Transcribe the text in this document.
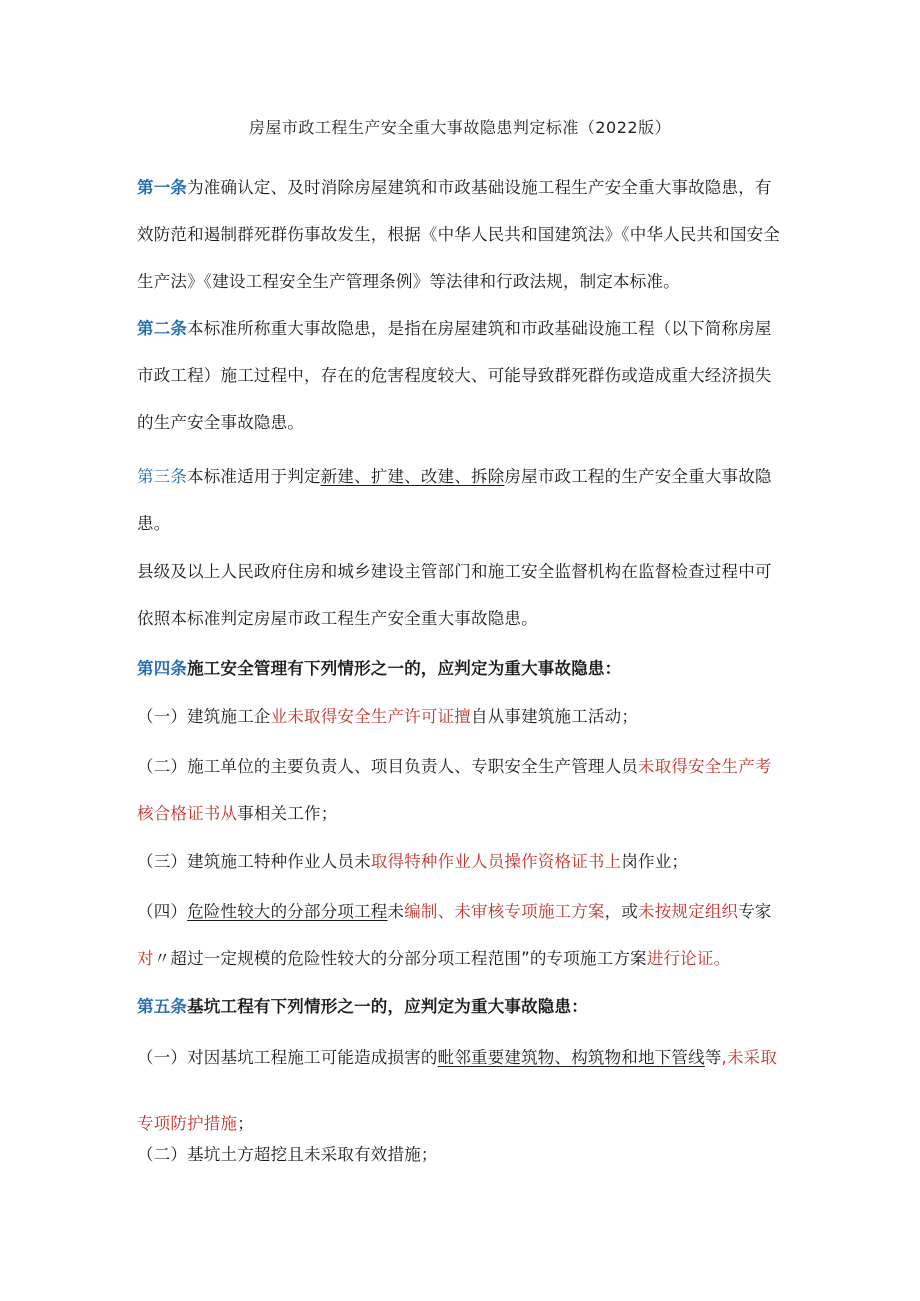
房屋市政工程生产安全重大事故隐患判定标准（2022版）

第一条为准确认定、及时消除房屋建筑和市政基础设施工程生产安全重大事故隐患，有效防范和遏制群死群伤事故发生，根据《中华人民共和国建筑法》《中华人民共和国安全生产法》《建设工程安全生产管理条例》等法律和行政法规，制定本标准。

第二条本标准所称重大事故隐患，是指在房屋建筑和市政基础设施工程（以下简称房屋市政工程）施工过程中，存在的危害程度较大、可能导致群死群伤或造成重大经济损失的生产安全事故隐患。

第三条本标准适用于判定新建、扩建、改建、拆除房屋市政工程的生产安全重大事故隐患。

县级及以上人民政府住房和城乡建设主管部门和施工安全监督机构在监督检查过程中可依照本标准判定房屋市政工程生产安全重大事故隐患。

第四条施工安全管理有下列情形之一的，应判定为重大事故隐患：

（一）建筑施工企业未取得安全生产许可证擅自从事建筑施工活动；

（二）施工单位的主要负责人、项目负责人、专职安全生产管理人员未取得安全生产考核合格证书从事相关工作；

（三）建筑施工特种作业人员未取得特种作业人员操作资格证书上岗作业；

（四）危险性较大的分部分项工程未编制、未审核专项施工方案，或未按规定组织专家对〃超过一定规模的危险性较大的分部分项工程范围”的专项施工方案进行论证。

第五条基坑工程有下列情形之一的，应判定为重大事故隐患：

（一）对因基坑工程施工可能造成损害的毗邻重要建筑物、构筑物和地下管线等,未采取专项防护措施；

（二）基坑土方超挖且未采取有效措施；
